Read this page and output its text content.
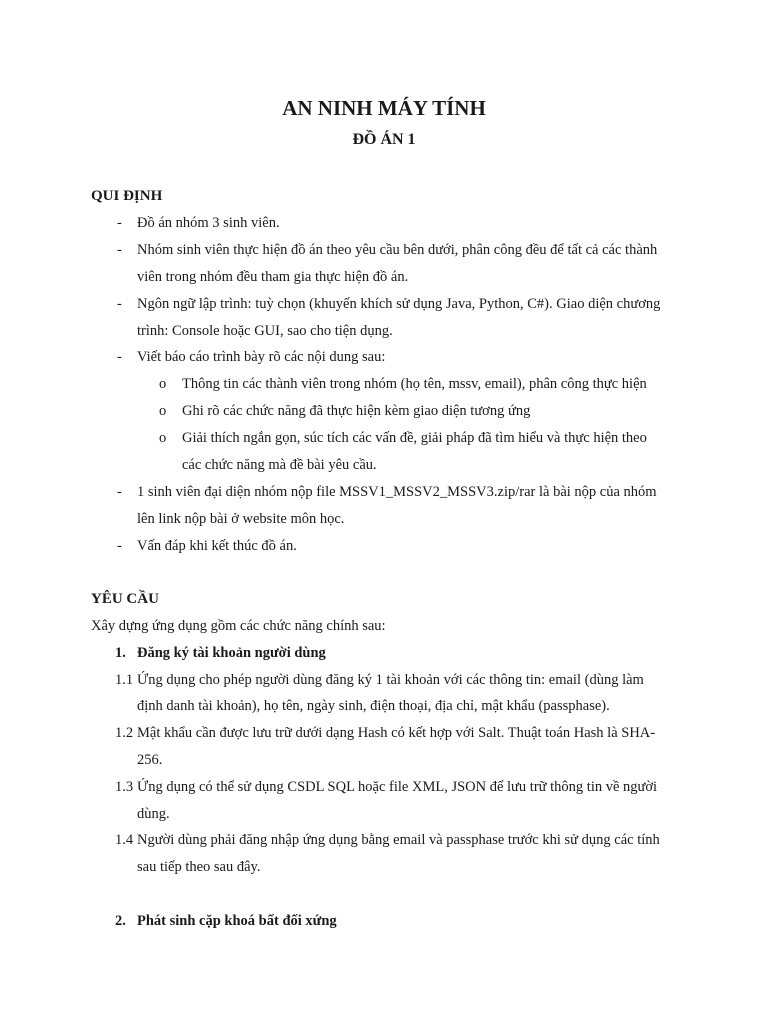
AN NINH MÁY TÍNH
ĐỒ ÁN 1
QUI ĐỊNH
- Đồ án nhóm 3 sinh viên.
- Nhóm sinh viên thực hiện đồ án theo yêu cầu bên dưới, phân công đều để tất cả các thành
viên trong nhóm đều tham gia thực hiện đồ án.
- Ngôn ngữ lập trình: tuỳ chọn (khuyến khích sử dụng Java, Python, C#). Giao diện chương
trình: Console hoặc GUI, sao cho tiện dụng.
- Viết báo cáo trình bày rõ các nội dung sau:
o Thông tin các thành viên trong nhóm (họ tên, mssv, email), phân công thực hiện
o Ghi rõ các chức năng đã thực hiện kèm giao diện tương ứng
o Giải thích ngắn gọn, súc tích các vấn đề, giải pháp đã tìm hiểu và thực hiện theo
các chức năng mà đề bài yêu cầu.
- 1 sinh viên đại diện nhóm nộp file MSSV1_MSSV2_MSSV3.zip/rar là bài nộp của nhóm
lên link nộp bài ở website môn học.
- Vấn đáp khi kết thúc đồ án.
YÊU CẦU
Xây dựng ứng dụng gồm các chức năng chính sau:
1. Đăng ký tài khoản người dùng
1.1 Ứng dụng cho phép người dùng đăng ký 1 tài khoản với các thông tin: email (dùng làm
định danh tài khoản), họ tên, ngày sinh, điện thoại, địa chỉ, mật khẩu (passphase).
1.2 Mật khẩu cần được lưu trữ dưới dạng Hash có kết hợp với Salt. Thuật toán Hash là SHA-
256.
1.3 Ứng dụng có thể sử dụng CSDL SQL hoặc file XML, JSON để lưu trữ thông tin về người
dùng.
1.4 Người dùng phải đăng nhập ứng dụng bằng email và passphase trước khi sử dụng các tính
sau tiếp theo sau đây.
2. Phát sinh cặp khoá bất đối xứng
